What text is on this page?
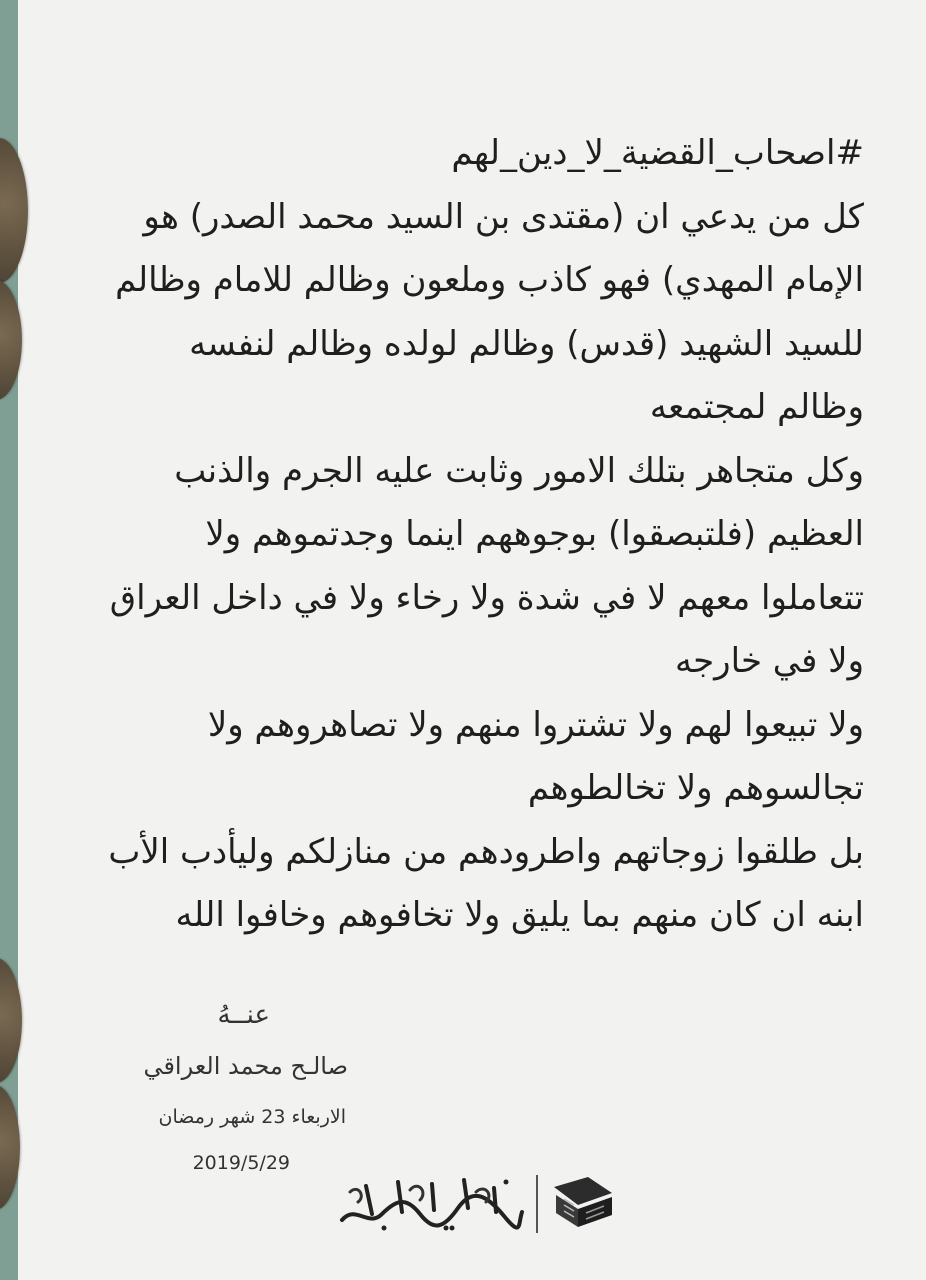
#اصحاب_القضية_لا_دين_لهم
كل من يدعي ان (مقتدى بن السيد محمد الصدر) هو
الإمام المهدي) فهو كاذب وملعون وظالم للامام وظالم
للسيد الشهيد (قدس) وظالم لولده وظالم لنفسه
وظالم لمجتمعه
وكل متجاهر بتلك الامور وثابت عليه الجرم والذنب
العظيم (فلتبصقوا) بوجوههم اينما وجدتموهم ولا
تتعاملوا معهم لا في شدة ولا رخاء ولا في داخل العراق
ولا في خارجه
ولا تبيعوا لهم ولا تشتروا منهم ولا تصاهروهم ولا
تجالسوهم ولا تخالطوهم
بل طلقوا زوجاتهم واطرودهم من منازلكم وليأدب الأب
ابنه ان كان منهم بما يليق ولا تخافوهم وخافوا الله
عنــهُ
صالـح محمد العراقي
الاربعاء 23 شهر رمضان
2019/5/29
